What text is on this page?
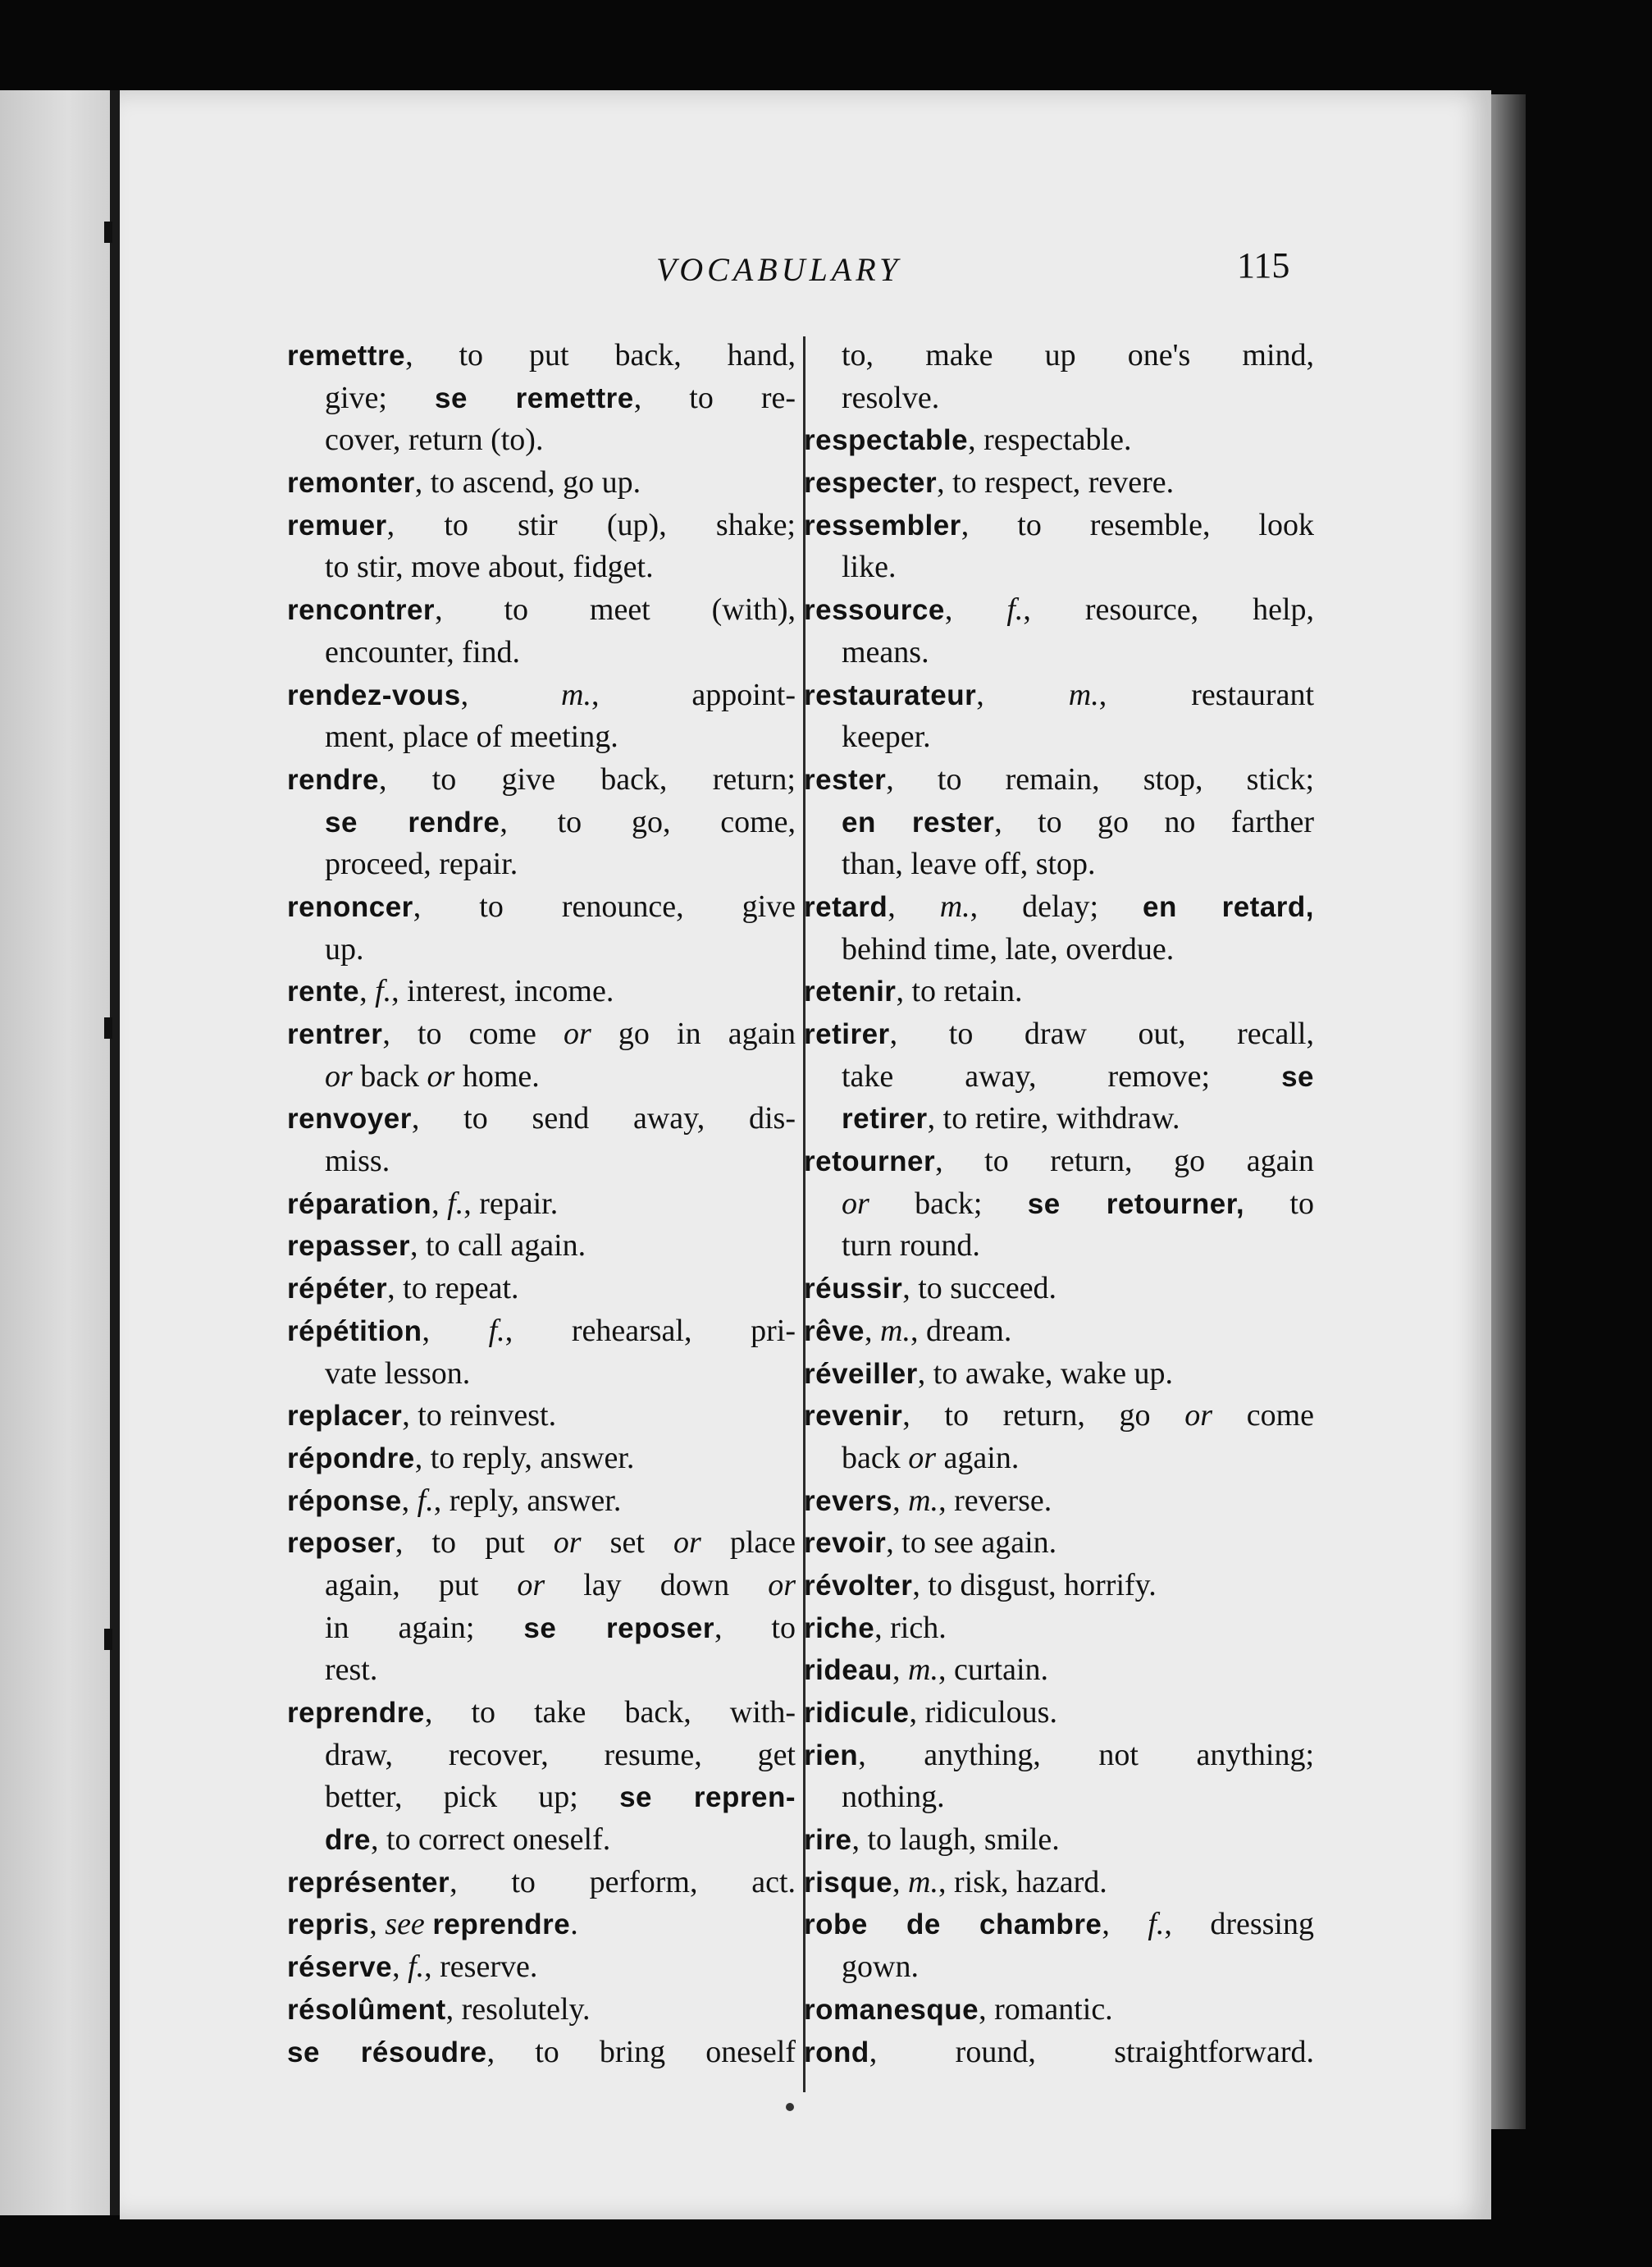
VOCABULARY	115
remettre, to put back, hand,
give; se remettre, to re-
cover, return (to).
remonter, to ascend, go up.
remuer, to stir (up), shake;
to stir, move about, fidget.
rencontrer, to meet (with),
encounter, find.
rendez-vous, m., appoint-
ment, place of meeting.
rendre, to give back, return;
se rendre, to go, come,
proceed, repair.
renoncer, to renounce, give
up.
rente, f., interest, income.
rentrer, to come or go in again
or back or home.
renvoyer, to send away, dis-
miss.
réparation, f., repair.
repasser, to call again.
répéter, to repeat.
répétition, f., rehearsal, pri-
vate lesson.
replacer, to reinvest.
répondre, to reply, answer.
réponse, f., reply, answer.
reposer, to put or set or place
again, put or lay down or
in again; se reposer, to
rest.
reprendre, to take back, with-
draw, recover, resume, get
better, pick up; se repren-
dre, to correct oneself.
représenter, to perform, act.
repris, see reprendre.
réserve, f., reserve.
résolûment, resolutely.
se résoudre, to bring oneself
to, make up one's mind,
resolve.
respectable, respectable.
respecter, to respect, revere.
ressembler, to resemble, look
like.
ressource, f., resource, help,
means.
restaurateur, m., restaurant
keeper.
rester, to remain, stop, stick;
en rester, to go no farther
than, leave off, stop.
retard, m., delay; en retard,
behind time, late, overdue.
retenir, to retain.
retirer, to draw out, recall,
take away, remove; se
retirer, to retire, withdraw.
retourner, to return, go again
or back; se retourner, to
turn round.
réussir, to succeed.
rêve, m., dream.
réveiller, to awake, wake up.
revenir, to return, go or come
back or again.
revers, m., reverse.
revoir, to see again.
révolter, to disgust, horrify.
riche, rich.
rideau, m., curtain.
ridicule, ridiculous.
rien, anything, not anything;
nothing.
rire, to laugh, smile.
risque, m., risk, hazard.
robe de chambre, f., dressing
gown.
romanesque, romantic.
rond, round, straightforward.
